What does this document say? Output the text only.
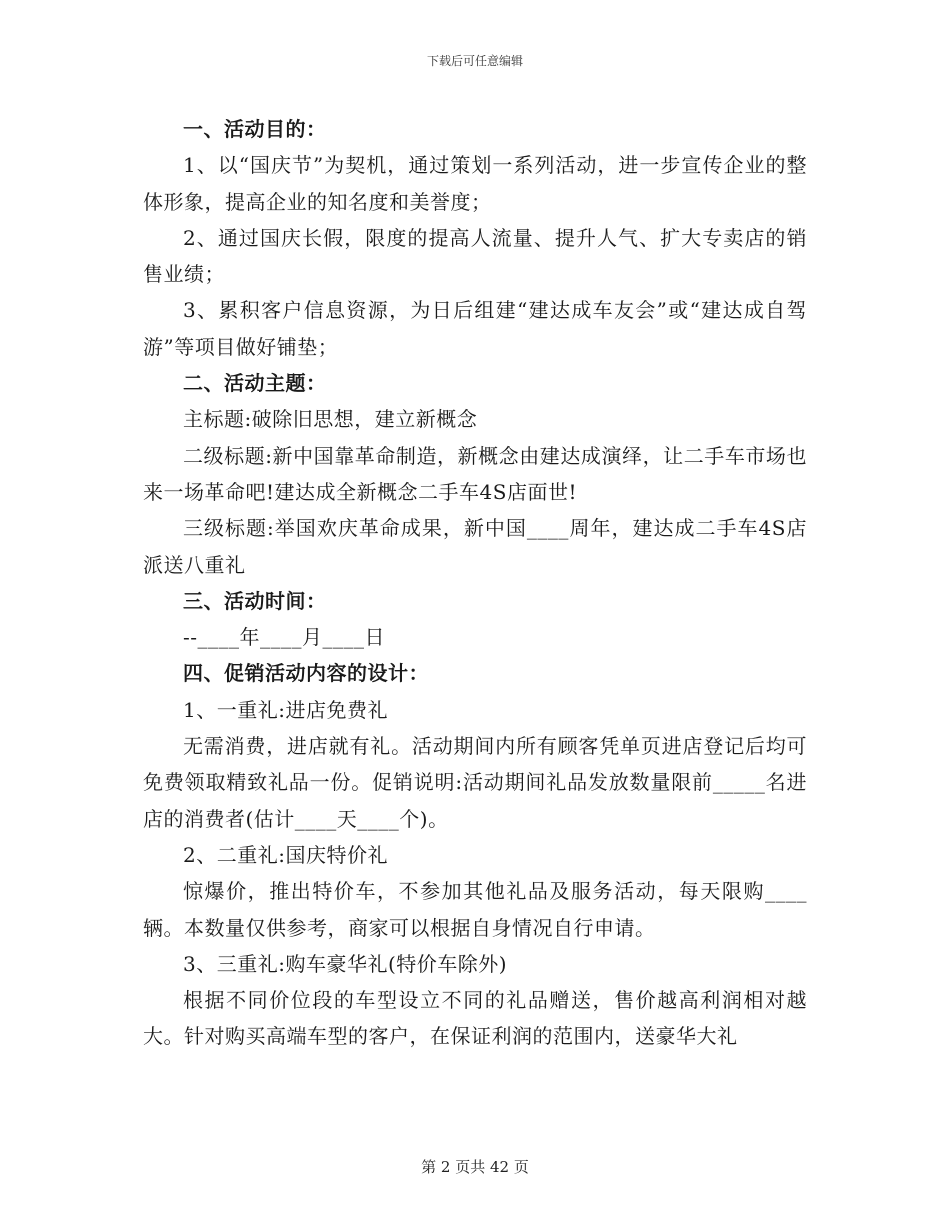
下载后可任意编辑

一、活动目的：

1、以“国庆节”为契机，通过策划一系列活动，进一步宣传企业的整体形象，提高企业的知名度和美誉度；

2、通过国庆长假，限度的提高人流量、提升人气、扩大专卖店的销售业绩；

3、累积客户信息资源，为日后组建“建达成车友会”或“建达成自驾游”等项目做好铺垫；

二、活动主题：

主标题:破除旧思想，建立新概念

二级标题:新中国靠革命制造，新概念由建达成演绎，让二手车市场也来一场革命吧!建达成全新概念二手车4S店面世!

三级标题:举国欢庆革命成果，新中国____周年，建达成二手车4S店派送八重礼

三、活动时间：

--____年____月____日

四、促销活动内容的设计：

1、一重礼:进店免费礼

无需消费，进店就有礼。活动期间内所有顾客凭单页进店登记后均可免费领取精致礼品一份。促销说明:活动期间礼品发放数量限前_____名进店的消费者(估计____天____个)。

2、二重礼:国庆特价礼

惊爆价，推出特价车，不参加其他礼品及服务活动，每天限购____辆。本数量仅供参考，商家可以根据自身情况自行申请。

3、三重礼:购车豪华礼(特价车除外)

根据不同价位段的车型设立不同的礼品赠送，售价越高利润相对越大。针对购买高端车型的客户，在保证利润的范围内，送豪华大礼

第 2 页共 42 页
